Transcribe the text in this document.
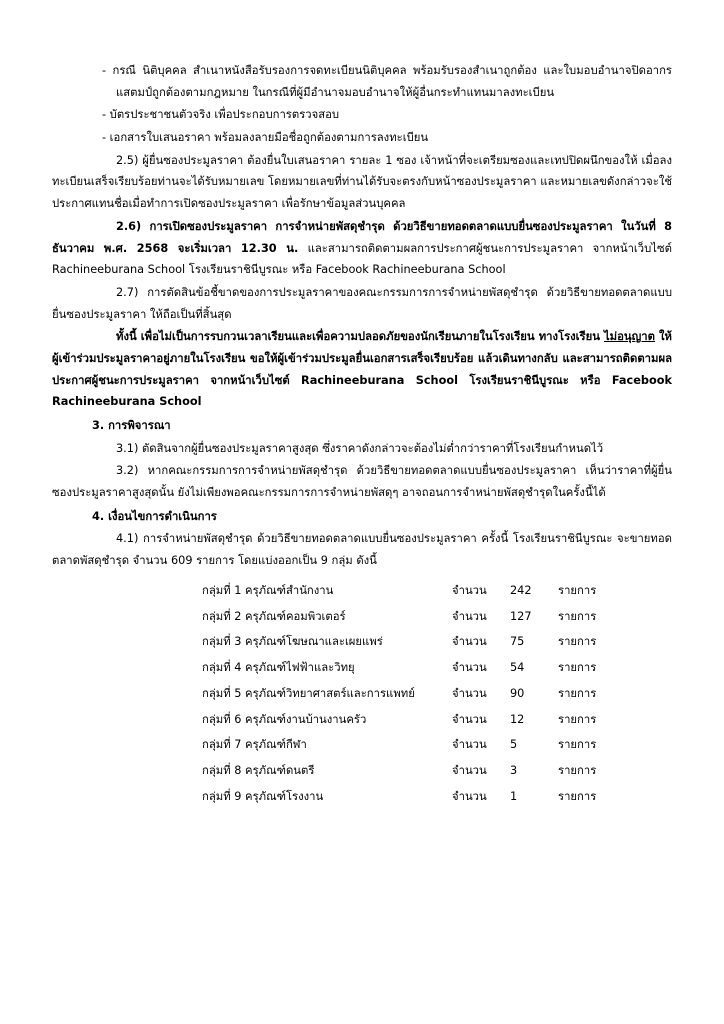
- กรณี นิติบุคคล สำเนาหนังสือรับรองการจดทะเบียนนิติบุคคล พร้อมรับรองสำเนาถูกต้อง และใบมอบอำนาจปิดอากรแสตมป์ถูกต้องตามกฎหมาย ในกรณีที่ผู้มีอำนาจมอบอำนาจให้ผู้อื่นกระทำแทนมาลงทะเบียน

- บัตรประชาชนตัวจริง เพื่อประกอบการตรวจสอบ

- เอกสารใบเสนอราคา พร้อมลงลายมือชื่อถูกต้องตามการลงทะเบียน

2.5) ผู้ยื่นซองประมูลราคา ต้องยื่นใบเสนอราคา รายละ 1 ซอง เจ้าหน้าที่จะเตรียมซองและเทปปิดผนึกของให้ เมื่อลงทะเบียนเสร็จเรียบร้อยท่านจะได้รับหมายเลข โดยหมายเลขที่ท่านได้รับจะตรงกับหน้าซองประมูลราคา และหมายเลขดังกล่าวจะใช้ประกาศแทนชื่อเมื่อทำการเปิดซองประมูลราคา เพื่อรักษาข้อมูลส่วนบุคคล

2.6) การเปิดซองประมูลราคา การจำหน่ายพัสดุชำรุด ด้วยวิธีขายทอดตลาดแบบยื่นซองประมูลราคา ในวันที่ 8 ธันวาคม พ.ศ. 2568 จะเริ่มเวลา 12.30 น. และสามารถติดตามผลการประกาศผู้ชนะการประมูลราคา จากหน้าเว็บไซต์ Rachineeburana School โรงเรียนราชินีบูรณะ หรือ Facebook Rachineeburana School

2.7) การตัดสินข้อชี้ขาดของการประมูลราคาของคณะกรรมการการจำหน่ายพัสดุชำรุด ด้วยวิธีขายทอดตลาดแบบยื่นซองประมูลราคา ให้ถือเป็นที่สิ้นสุด

ทั้งนี้ เพื่อไม่เป็นการรบกวนเวลาเรียนและเพื่อความปลอดภัยของนักเรียนภายในโรงเรียน ทางโรงเรียน ไม่อนุญาต ให้ผู้เข้าร่วมประมูลราคาอยู่ภายในโรงเรียน ขอให้ผู้เข้าร่วมประมูลยื่นเอกสารเสร็จเรียบร้อย แล้วเดินทางกลับ และสามารถติดตามผลประกาศผู้ชนะการประมูลราคา จากหน้าเว็บไซต์ Rachineeburana School โรงเรียนราชินีบูรณะ หรือ Facebook Rachineeburana School

3. การพิจารณา

3.1) ตัดสินจากผู้ยื่นซองประมูลราคาสูงสุด ซึ่งราคาดังกล่าวจะต้องไม่ต่ำกว่าราคาที่โรงเรียนกำหนดไว้

3.2) หากคณะกรรมการการจำหน่ายพัสดุชำรุด ด้วยวิธีขายทอดตลาดแบบยื่นซองประมูลราคา เห็นว่าราคาที่ผู้ยื่นซองประมูลราคาสูงสุดนั้น ยังไม่เพียงพอคณะกรรมการการจำหน่ายพัสดุๆ อาจถอนการจำหน่ายพัสดุชำรุดในครั้งนี้ได้

4. เงื่อนไขการดำเนินการ

4.1) การจำหน่ายพัสดุชำรุด ด้วยวิธีขายทอดตลาดแบบยื่นซองประมูลราคา ครั้งนี้ โรงเรียนราชินีบูรณะ จะขายทอดตลาดพัสดุชำรุด จำนวน 609 รายการ โดยแบ่งออกเป็น 9 กลุ่ม ดังนี้

กลุ่มที่ 1 ครุภัณฑ์สำนักงาน	จำนวน	242	รายการ
กลุ่มที่ 2 ครุภัณฑ์คอมพิวเตอร์	จำนวน	127	รายการ
กลุ่มที่ 3 ครุภัณฑ์โฆษณาและเผยแพร่	จำนวน	75	รายการ
กลุ่มที่ 4 ครุภัณฑ์ไฟฟ้าและวิทยุ	จำนวน	54	รายการ
กลุ่มที่ 5 ครุภัณฑ์วิทยาศาสตร์และการแพทย์	จำนวน	90	รายการ
กลุ่มที่ 6 ครุภัณฑ์งานบ้านงานครัว	จำนวน	12	รายการ
กลุ่มที่ 7 ครุภัณฑ์กีฬา	จำนวน	5	รายการ
กลุ่มที่ 8 ครุภัณฑ์ดนตรี	จำนวน	3	รายการ
กลุ่มที่ 9 ครุภัณฑ์โรงงาน	จำนวน	1	รายการ
